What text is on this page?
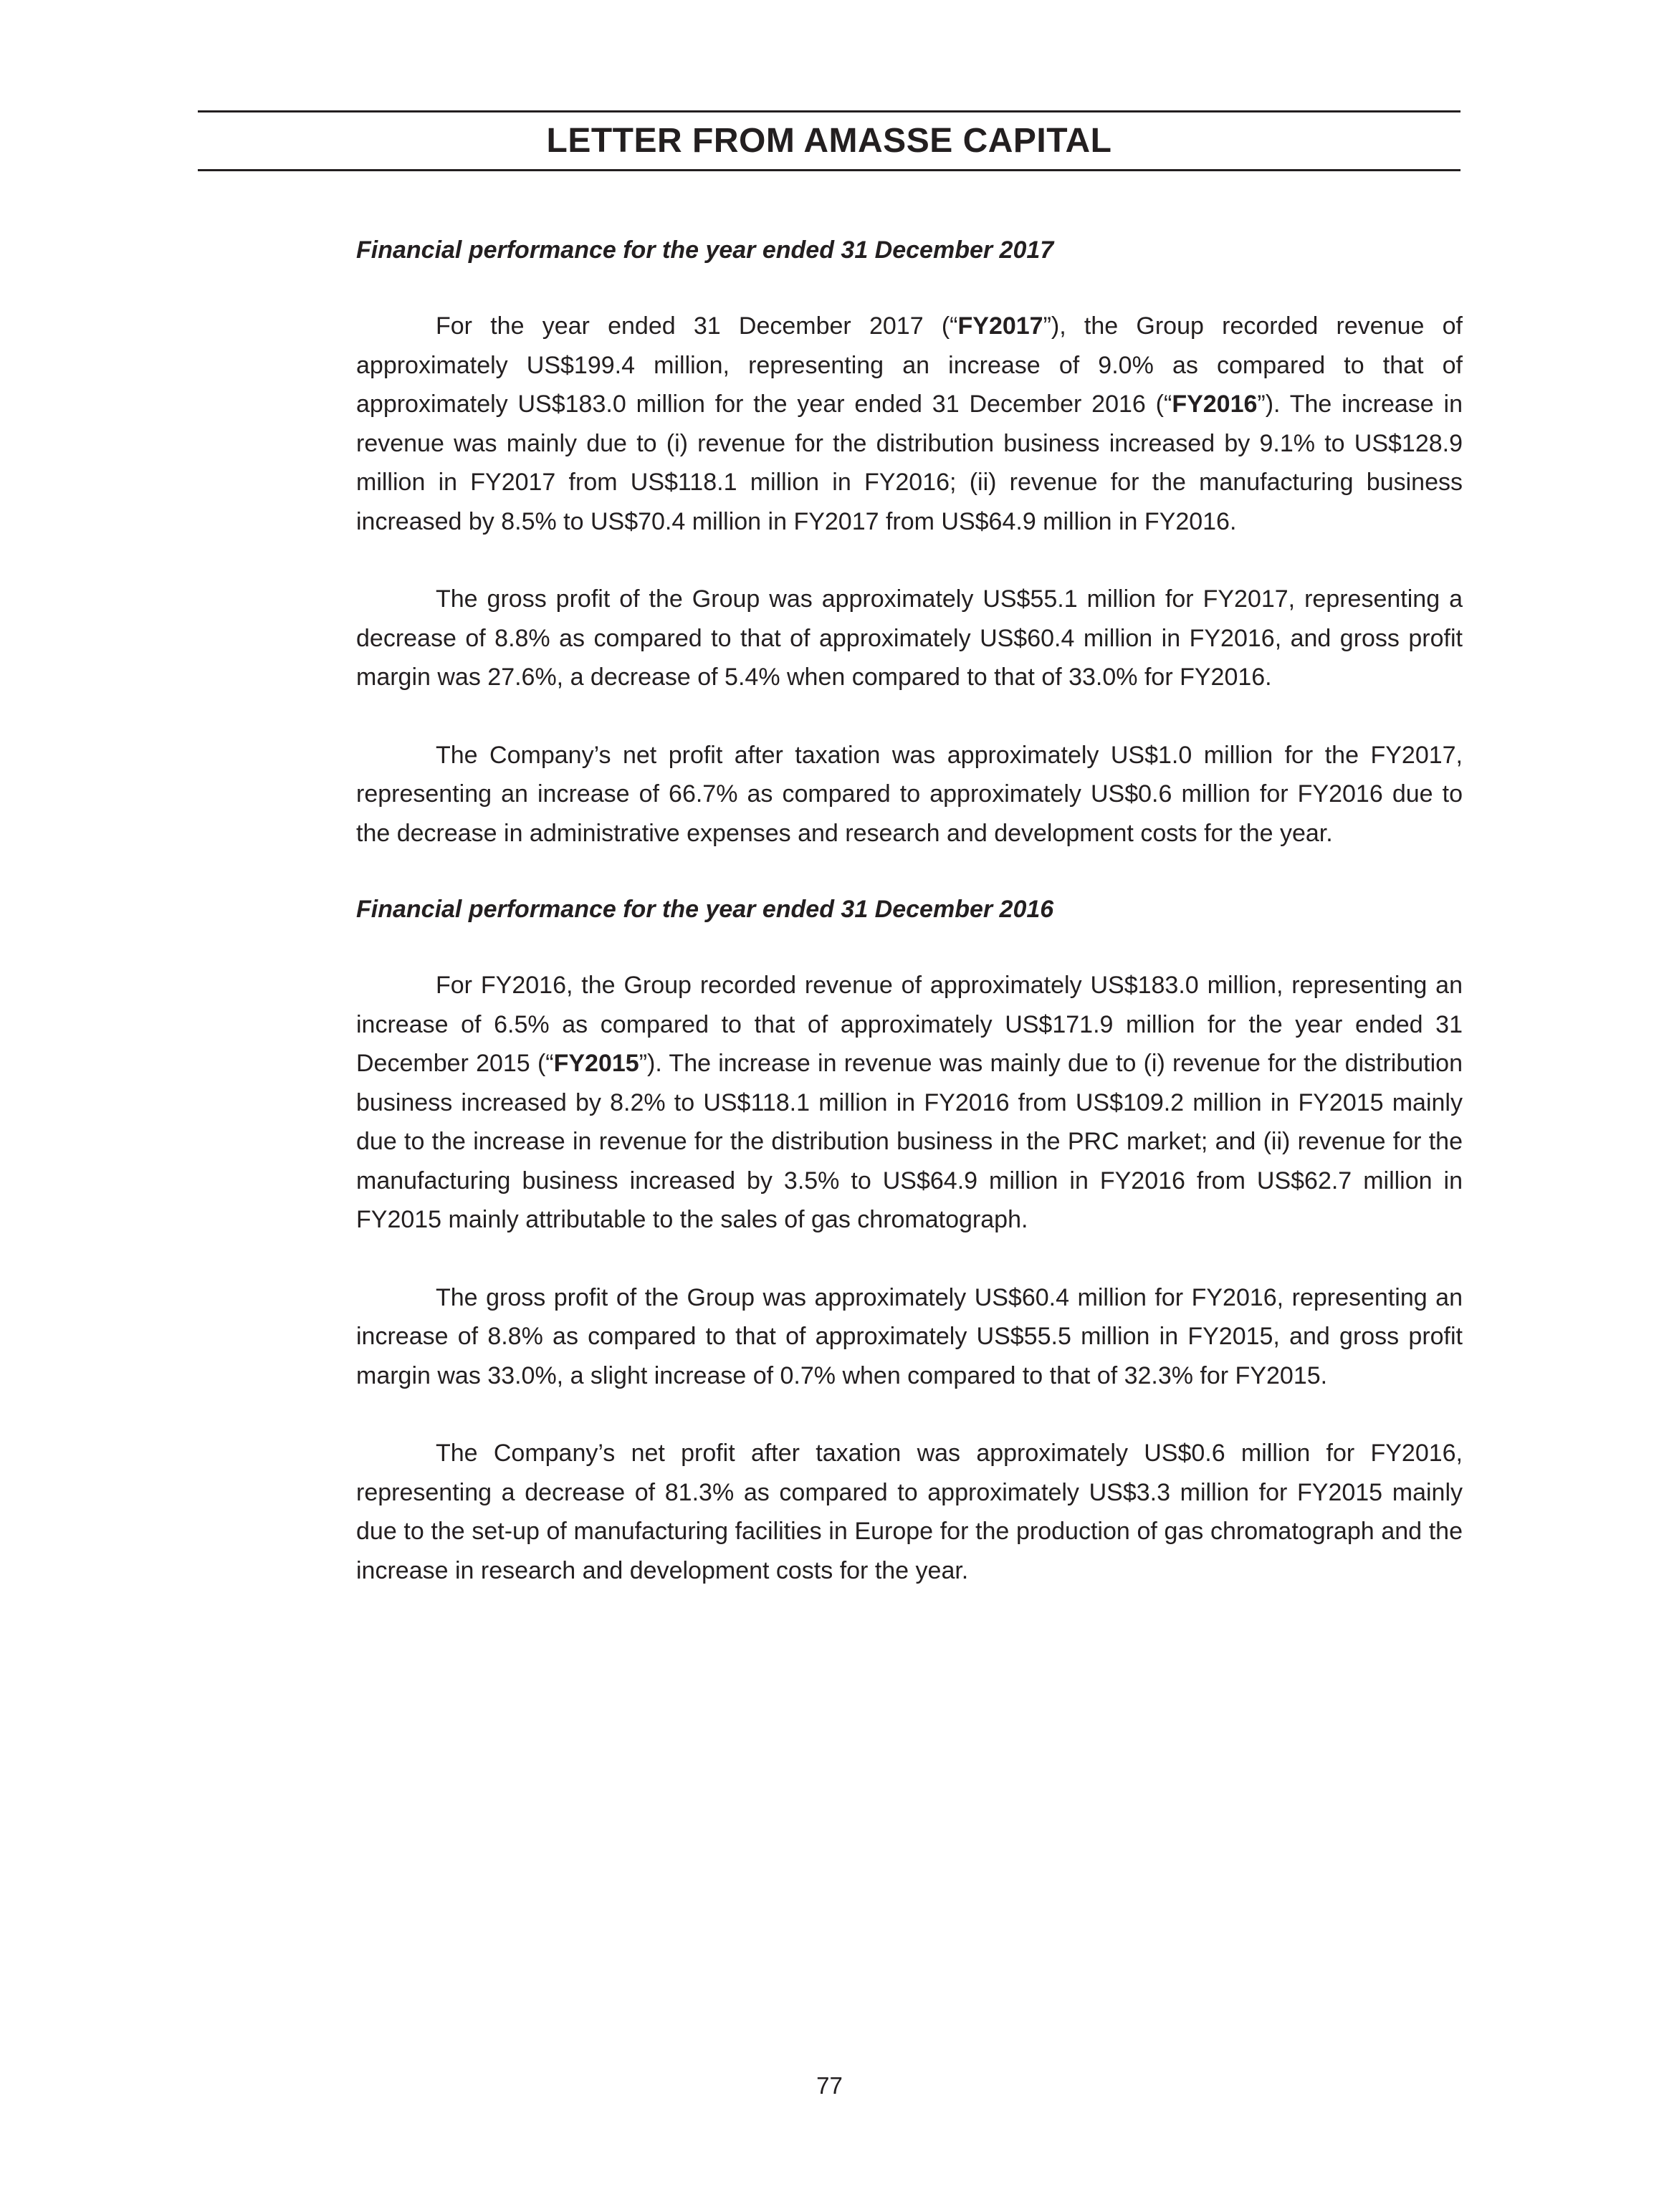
LETTER FROM AMASSE CAPITAL
Financial performance for the year ended 31 December 2017

For the year ended 31 December 2017 (“FY2017”), the Group recorded revenue of approximately US$199.4 million, representing an increase of 9.0% as compared to that of approximately US$183.0 million for the year ended 31 December 2016 (“FY2016”). The increase in revenue was mainly due to (i) revenue for the distribution business increased by 9.1% to US$128.9 million in FY2017 from US$118.1 million in FY2016; (ii) revenue for the manufacturing business increased by 8.5% to US$70.4 million in FY2017 from US$64.9 million in FY2016.

The gross profit of the Group was approximately US$55.1 million for FY2017, representing a decrease of 8.8% as compared to that of approximately US$60.4 million in FY2016, and gross profit margin was 27.6%, a decrease of 5.4% when compared to that of 33.0% for FY2016.

The Company’s net profit after taxation was approximately US$1.0 million for the FY2017, representing an increase of 66.7% as compared to approximately US$0.6 million for FY2016 due to the decrease in administrative expenses and research and development costs for the year.

Financial performance for the year ended 31 December 2016

For FY2016, the Group recorded revenue of approximately US$183.0 million, representing an increase of 6.5% as compared to that of approximately US$171.9 million for the year ended 31 December 2015 (“FY2015”). The increase in revenue was mainly due to (i) revenue for the distribution business increased by 8.2% to US$118.1 million in FY2016 from US$109.2 million in FY2015 mainly due to the increase in revenue for the distribution business in the PRC market; and (ii) revenue for the manufacturing business increased by 3.5% to US$64.9 million in FY2016 from US$62.7 million in FY2015 mainly attributable to the sales of gas chromatograph.

The gross profit of the Group was approximately US$60.4 million for FY2016, representing an increase of 8.8% as compared to that of approximately US$55.5 million in FY2015, and gross profit margin was 33.0%, a slight increase of 0.7% when compared to that of 32.3% for FY2015.

The Company’s net profit after taxation was approximately US$0.6 million for FY2016, representing a decrease of 81.3% as compared to approximately US$3.3 million for FY2015 mainly due to the set-up of manufacturing facilities in Europe for the production of gas chromatograph and the increase in research and development costs for the year.

77
